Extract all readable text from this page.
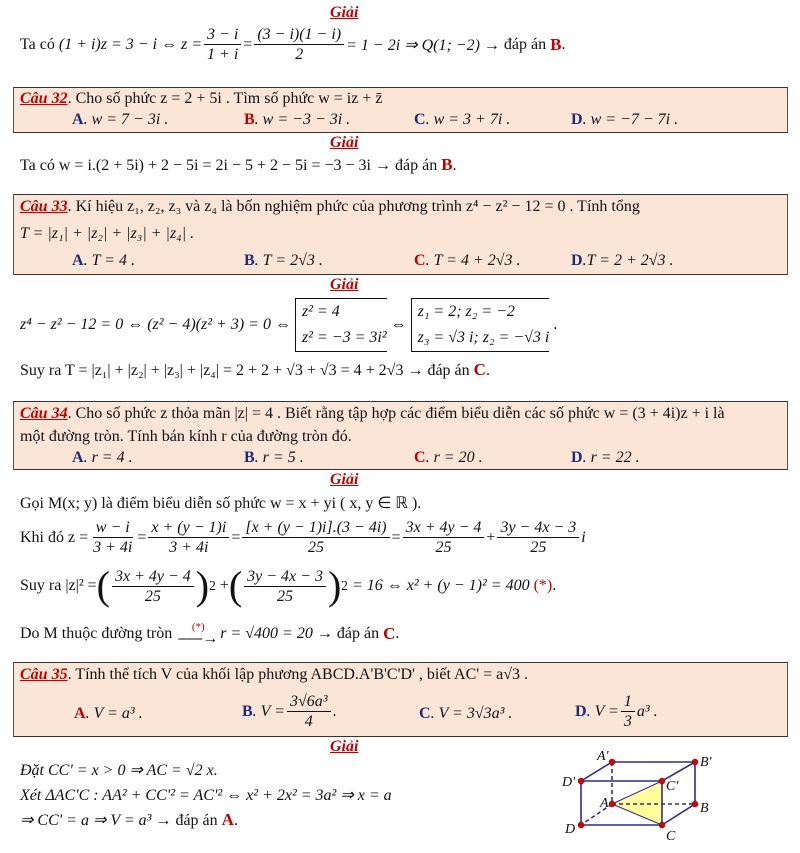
Giải
Ta có
(1 + i)z = 3 − i ⇔ $z = \frac{3 - i}{1 + i} = \frac{(3 - i)(1 - i)}{2} = 1 - 2i$ ⇒ Q(1; −2) →
đáp án
B .
Câu 32. Cho số phức z = 2 + 5i . Tìm số phức w = iz + z̄
A. w = 7 − 3i .	B. w = −3 − 3i .	C. w = 3 + 7i .	D. w = −7 − 7i .
Giải
Ta có w = i.(2 + 5i) + 2 − 5i = 2i − 5 + 2 − 5i = −3 − 3i → đáp án B.
Câu 33. Kí hiệu z₁, z₂, z₃ và z₄ là bốn nghiệm phức của phương trình z⁴ − z² − 12 = 0 . Tính tổng
T = |z₁| + |z₂| + |z₃| + |z₄| .
A. T = 4 .	B. T = 2√3 .	C. T = 4 + 2√3 .	D.T = 2 + 2√3 .
Giải
z⁴ − z² − 12 = 0 ⇔ (z² − 4)(z² + 3) = 0 ⇔
z² = 4
z² = −3 = 3i²
⇔
z₁ = 2; z₂ = −2
z₃ = √3 i; z₂ = −√3 i
.
Suy ra T = |z₁| + |z₂| + |z₃| + |z₄| = 2 + 2 + √3 + √3 = 4 + 2√3 → đáp án C.
Câu 34. Cho số phức z thỏa mãn |z| = 4 . Biết rằng tập hợp các điểm biểu diễn các số phức w = (3 + 4i)z + i là
một đường tròn. Tính bán kính r của đường tròn đó.
A. r = 4 .	B. r = 5 .	C. r = 20 .	D. r = 22 .
Giải
Gọi M(x; y) là điểm biểu diễn số phức w = x + yi ( x, y ∈ ℝ ).
Khi đó $z = \frac{w - i}{3 + 4i} = \frac{x + (y - 1)i}{3 + 4i} = \frac{[x + (y - 1)i].(3 - 4i)}{25} = \frac{3x + 4y - 4}{25} + \frac{3y - 4x - 3}{25}$ i
Suy ra |z|² = ( $\frac{3x + 4y - 4}{25}$ ) 2 + ( $\frac{3y - 4x - 3}{25}$ ) 2
= 16 ⇔ x² + (y − 1)² = 400
(*) .
Do M thuộc đường tròn
(*)
⎯⎯⎯→ r = √400 = 20 →
đáp án
C .
Câu 35. Tính thể tích V của khối lập phương ABCD.A'B'C'D' , biết AC' = a√3 .
A. V = a³ .	B . $V = \frac{\text{3√6a³}}{4}$ .	C. V = 3√3a³ .	D . $V = \frac{1}{3} a^3$ .
Giải
Đặt CC' = x > 0 ⇒ AC = √2 x.
Xét ΔAC'C : AA² + CC'² = AC'² ⇔ x² + 2x² = 3a² ⇒ x = a
⇒ CC' = a ⇒ V = a³ → đáp án A.
A'	B'
D'	C'
A	B
D	C
